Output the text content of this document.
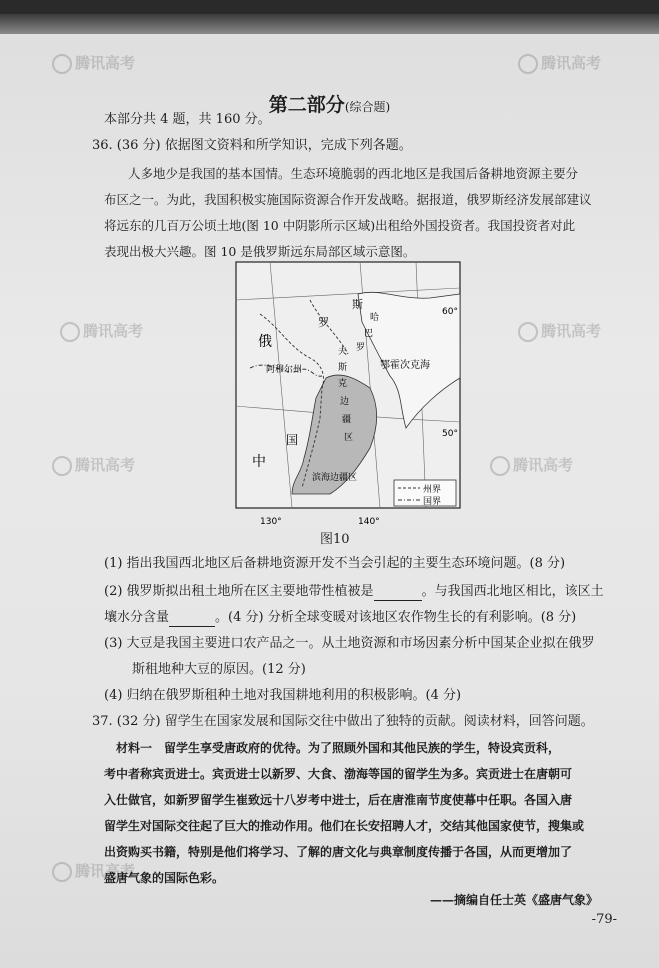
腾讯高考	腾讯高考
腾讯高考	腾讯高考
腾讯高考	腾讯高考
腾讯高考
第二部分(综合题)
本部分共 4 题，共 160 分。
36. (36 分) 依据图文资料和所学知识，完成下列各题。
人多地少是我国的基本国情。生态环境脆弱的西北地区是我国后备耕地资源主要分
布区之一。为此，我国积极实施国际资源合作开发战略。据报道，俄罗斯经济发展部建议
将远东的几百万公顷土地(图 10 中阴影所示区域)出租给外国投资者。我国投资者对此
表现出极大兴趣。图 10 是俄罗斯远东局部区域示意图。
州界
国界
俄
罗
斯
中
国
阿穆尔州
哈
巴
罗
夫
斯
克
边
疆
区
鄂霍次克海
滨海边疆区
60°
50°
130°	140°
图10
(1) 指出我国西北地区后备耕地资源开发不当会引起的主要生态环境问题。(8 分)
(2) 俄罗斯拟出租土地所在区主要地带性植被是	。与我国西北地区相比，该区土
壤水分含量	。(4 分) 分析全球变暖对该地区农作物生长的有利影响。(8 分)
(3) 大豆是我国主要进口农产品之一。从土地资源和市场因素分析中国某企业拟在俄罗
斯租地种大豆的原因。(12 分)
(4) 归纳在俄罗斯租种土地对我国耕地利用的积极影响。(4 分)
37. (32 分) 留学生在国家发展和国际交往中做出了独特的贡献。阅读材料，回答问题。
材料一　留学生享受唐政府的优待。为了照顾外国和其他民族的学生，特设宾贡科，
考中者称宾贡进士。宾贡进士以新罗、大食、渤海等国的留学生为多。宾贡进士在唐朝可
入仕做官，如新罗留学生崔致远十八岁考中进士，后在唐淮南节度使幕中任职。各国入唐
留学生对国际交往起了巨大的推动作用。他们在长安招聘人才，交结其他国家使节，搜集或
出资购买书籍，特别是他们将学习、了解的唐文化与典章制度传播于各国，从而更增加了
盛唐气象的国际色彩。
——摘编自任士英《盛唐气象》
-79-
